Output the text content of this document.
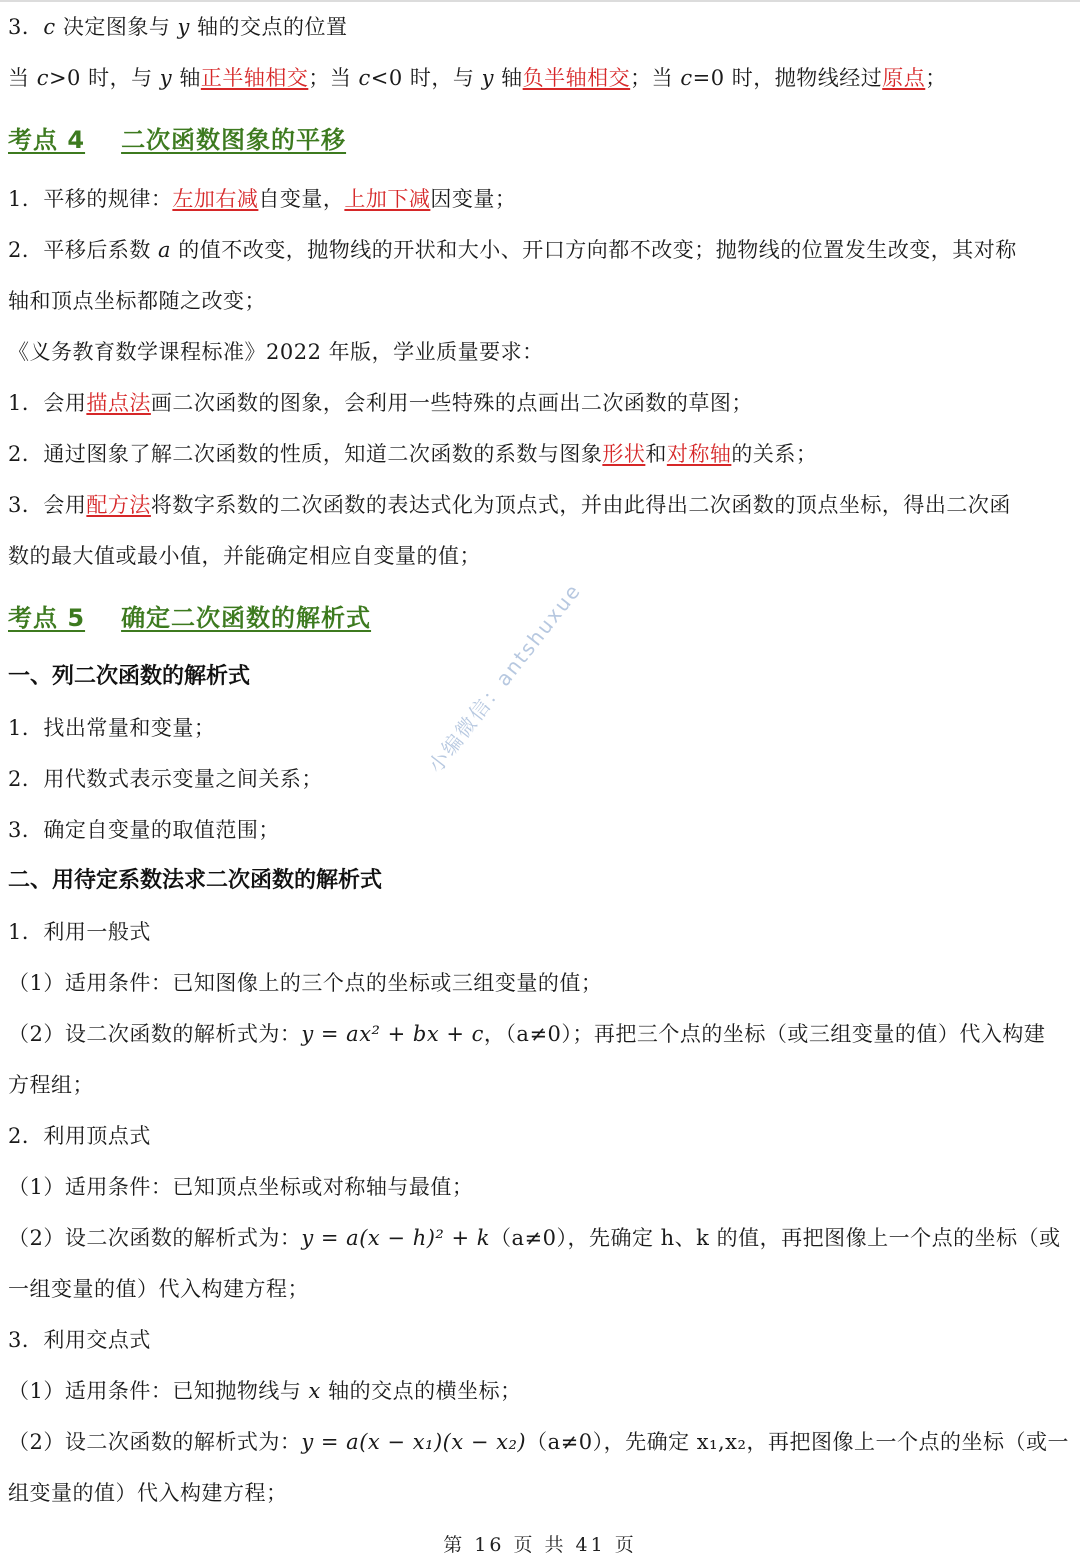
3．c 决定图象与 y 轴的交点的位置
当 c>0 时，与 y 轴正半轴相交；当 c<0 时，与 y 轴负半轴相交；当 c=0 时，抛物线经过原点；
考点 4 二次函数图象的平移
1．平移的规律：左加右减自变量，上加下减因变量；
2．平移后系数 a 的值不改变，抛物线的开状和大小、开口方向都不改变；抛物线的位置发生改变，其对称
轴和顶点坐标都随之改变；
《义务教育数学课程标准》2022 年版，学业质量要求：
1．会用描点法画二次函数的图象，会利用一些特殊的点画出二次函数的草图；
2．通过图象了解二次函数的性质，知道二次函数的系数与图象形状和对称轴的关系；
3．会用配方法将数字系数的二次函数的表达式化为顶点式，并由此得出二次函数的顶点坐标，得出二次函
数的最大值或最小值，并能确定相应自变量的值；
考点 5 确定二次函数的解析式
一、列二次函数的解析式
1．找出常量和变量；
2．用代数式表示变量之间关系；
3．确定自变量的取值范围；
二、用待定系数法求二次函数的解析式
1．利用一般式
（1）适用条件：已知图像上的三个点的坐标或三组变量的值；
（2）设二次函数的解析式为：y = ax² + bx + c，（a≠0）；再把三个点的坐标（或三组变量的值）代入构建
方程组；
2．利用顶点式
（1）适用条件：已知顶点坐标或对称轴与最值；
（2）设二次函数的解析式为：y = a(x − h)² + k（a≠0），先确定 h、k 的值，再把图像上一个点的坐标（或
一组变量的值）代入构建方程；
3．利用交点式
（1）适用条件：已知抛物线与 x 轴的交点的横坐标；
（2）设二次函数的解析式为：y = a(x − x₁)(x − x₂)（a≠0），先确定 x₁,x₂，再把图像上一个点的坐标（或一
组变量的值）代入构建方程；
小编微信：antshuxue
第 16 页 共 41 页
